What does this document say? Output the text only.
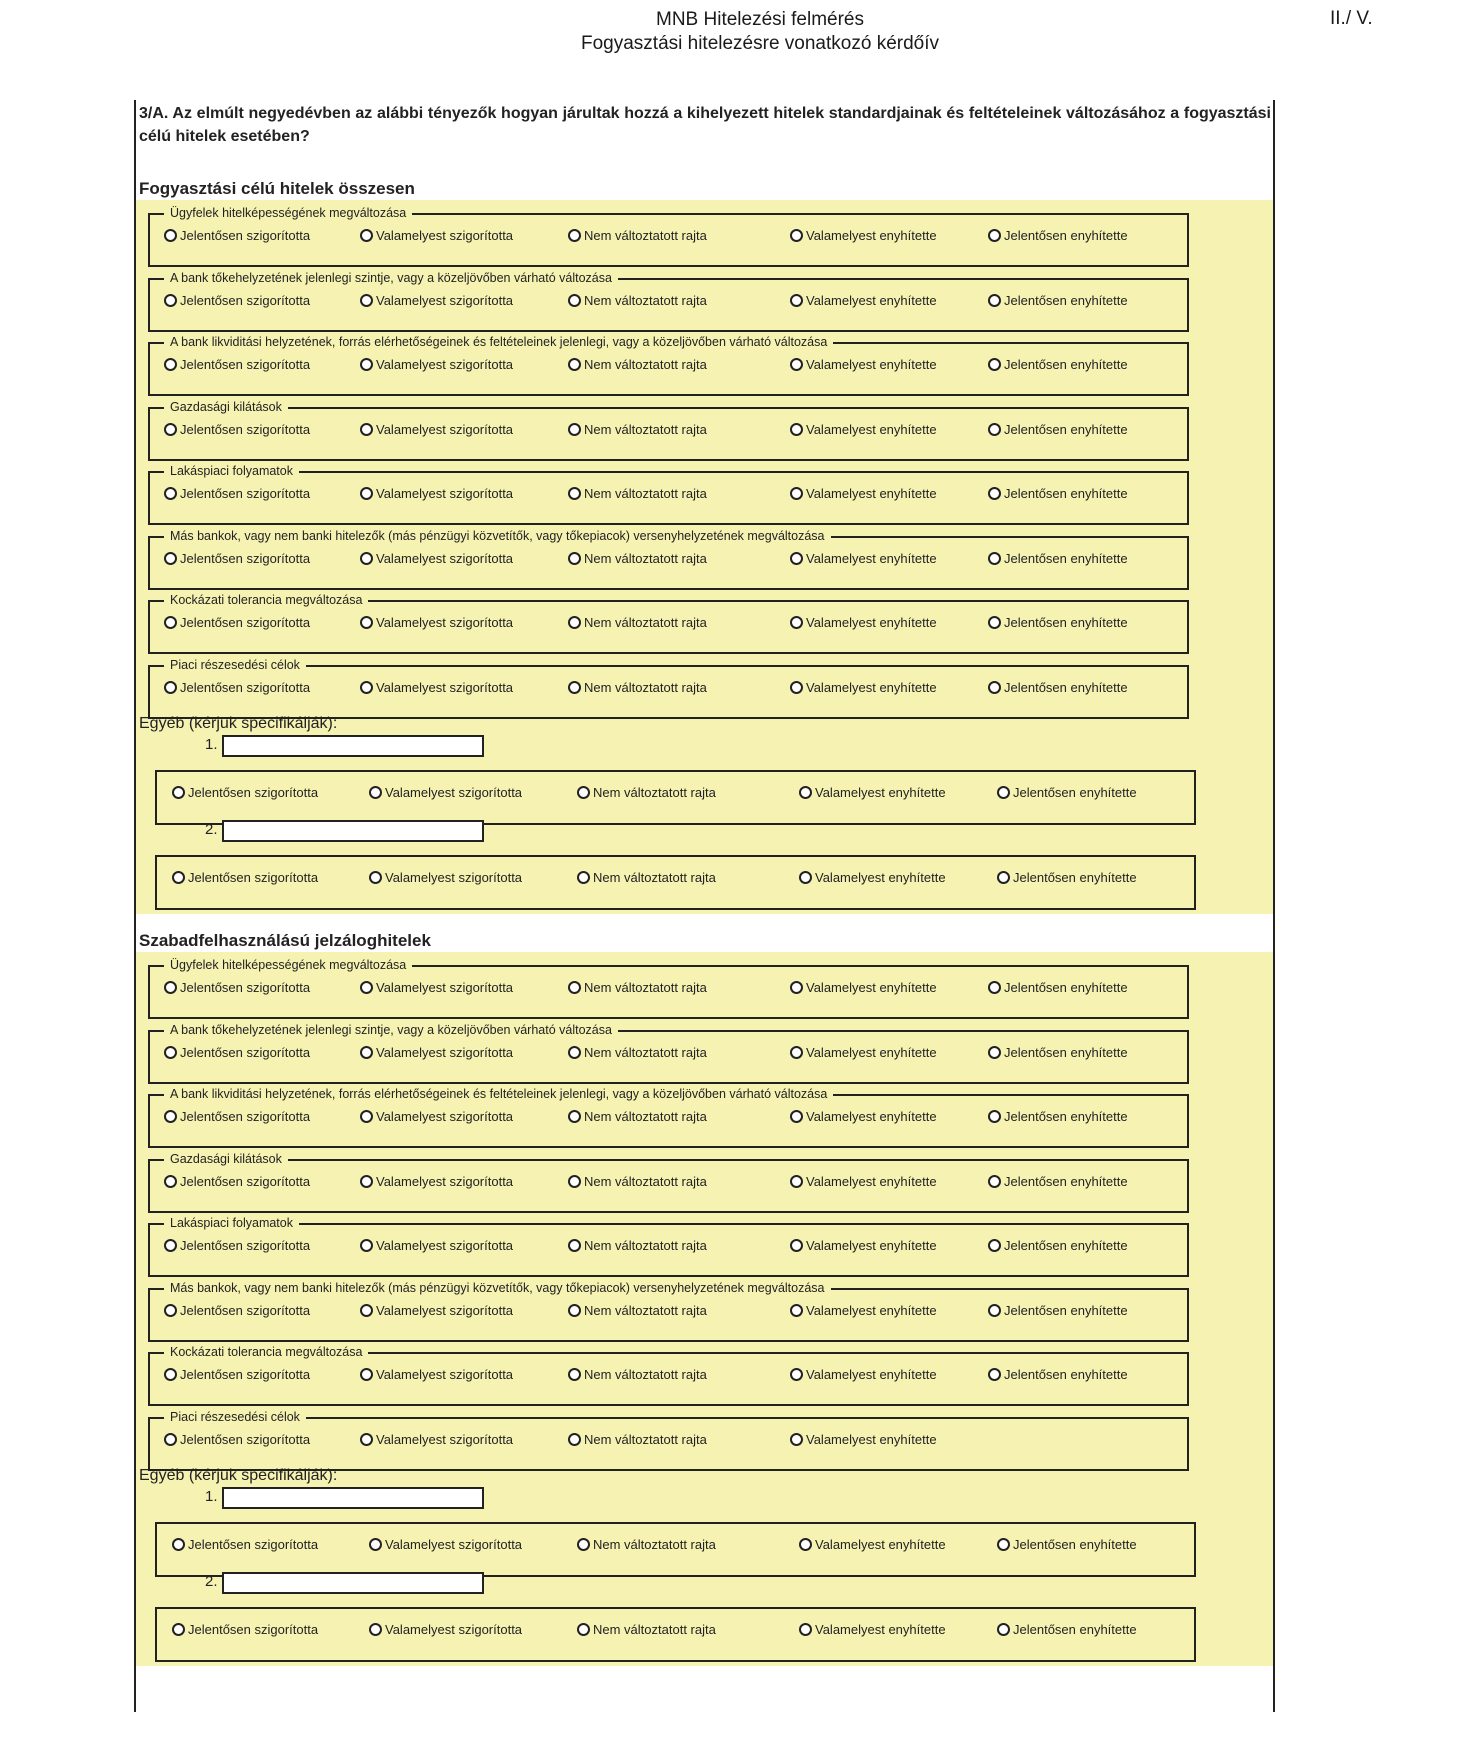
MNB Hitelezési felmérés
Fogyasztási hitelezésre vonatkozó kérdőív
II./ V.
3/A. Az elmúlt negyedévben az alábbi tényezők hogyan járultak hozzá a kihelyezett hitelek standardjainak és feltételeinek változásához a fogyasztási célú hitelek esetében?
Fogyasztási célú hitelek összesen
Ügyfelek hitelképességének megváltozása
Jelentősen szigorította	Valamelyest szigorította	Nem változtatott rajta	Valamelyest enyhítette	Jelentősen enyhítette
A bank tőkehelyzetének jelenlegi szintje, vagy a közeljövőben várható változása
Jelentősen szigorította	Valamelyest szigorította	Nem változtatott rajta	Valamelyest enyhítette	Jelentősen enyhítette
A bank likviditási helyzetének, forrás elérhetőségeinek és feltételeinek jelenlegi, vagy a közeljövőben várható változása
Jelentősen szigorította	Valamelyest szigorította	Nem változtatott rajta	Valamelyest enyhítette	Jelentősen enyhítette
Gazdasági kilátások
Jelentősen szigorította	Valamelyest szigorította	Nem változtatott rajta	Valamelyest enyhítette	Jelentősen enyhítette
Lakáspiaci folyamatok
Jelentősen szigorította	Valamelyest szigorította	Nem változtatott rajta	Valamelyest enyhítette	Jelentősen enyhítette
Más bankok, vagy nem banki hitelezők (más pénzügyi közvetítők, vagy tőkepiacok) versenyhelyzetének megváltozása
Jelentősen szigorította	Valamelyest szigorította	Nem változtatott rajta	Valamelyest enyhítette	Jelentősen enyhítette
Kockázati tolerancia megváltozása
Jelentősen szigorította	Valamelyest szigorította	Nem változtatott rajta	Valamelyest enyhítette	Jelentősen enyhítette
Piaci részesedési célok
Jelentősen szigorította	Valamelyest szigorította	Nem változtatott rajta	Valamelyest enyhítette	Jelentősen enyhítette
Egyéb (kérjük specifikálják):
1.
Jelentősen szigorította	Valamelyest szigorította	Nem változtatott rajta	Valamelyest enyhítette	Jelentősen enyhítette
2.
Jelentősen szigorította	Valamelyest szigorította	Nem változtatott rajta	Valamelyest enyhítette	Jelentősen enyhítette
Szabadfelhasználású jelzáloghitelek
Ügyfelek hitelképességének megváltozása
Jelentősen szigorította	Valamelyest szigorította	Nem változtatott rajta	Valamelyest enyhítette	Jelentősen enyhítette
A bank tőkehelyzetének jelenlegi szintje, vagy a közeljövőben várható változása
Jelentősen szigorította	Valamelyest szigorította	Nem változtatott rajta	Valamelyest enyhítette	Jelentősen enyhítette
A bank likviditási helyzetének, forrás elérhetőségeinek és feltételeinek jelenlegi, vagy a közeljövőben várható változása
Jelentősen szigorította	Valamelyest szigorította	Nem változtatott rajta	Valamelyest enyhítette	Jelentősen enyhítette
Gazdasági kilátások
Jelentősen szigorította	Valamelyest szigorította	Nem változtatott rajta	Valamelyest enyhítette	Jelentősen enyhítette
Lakáspiaci folyamatok
Jelentősen szigorította	Valamelyest szigorította	Nem változtatott rajta	Valamelyest enyhítette	Jelentősen enyhítette
Más bankok, vagy nem banki hitelezők (más pénzügyi közvetítők, vagy tőkepiacok) versenyhelyzetének megváltozása
Jelentősen szigorította	Valamelyest szigorította	Nem változtatott rajta	Valamelyest enyhítette	Jelentősen enyhítette
Kockázati tolerancia megváltozása
Jelentősen szigorította	Valamelyest szigorította	Nem változtatott rajta	Valamelyest enyhítette	Jelentősen enyhítette
Piaci részesedési célok
Jelentősen szigorította	Valamelyest szigorította	Nem változtatott rajta	Valamelyest enyhítette
Egyéb (kérjük specifikálják):
1.
Jelentősen szigorította	Valamelyest szigorította	Nem változtatott rajta	Valamelyest enyhítette	Jelentősen enyhítette
2.
Jelentősen szigorította	Valamelyest szigorította	Nem változtatott rajta	Valamelyest enyhítette	Jelentősen enyhítette
